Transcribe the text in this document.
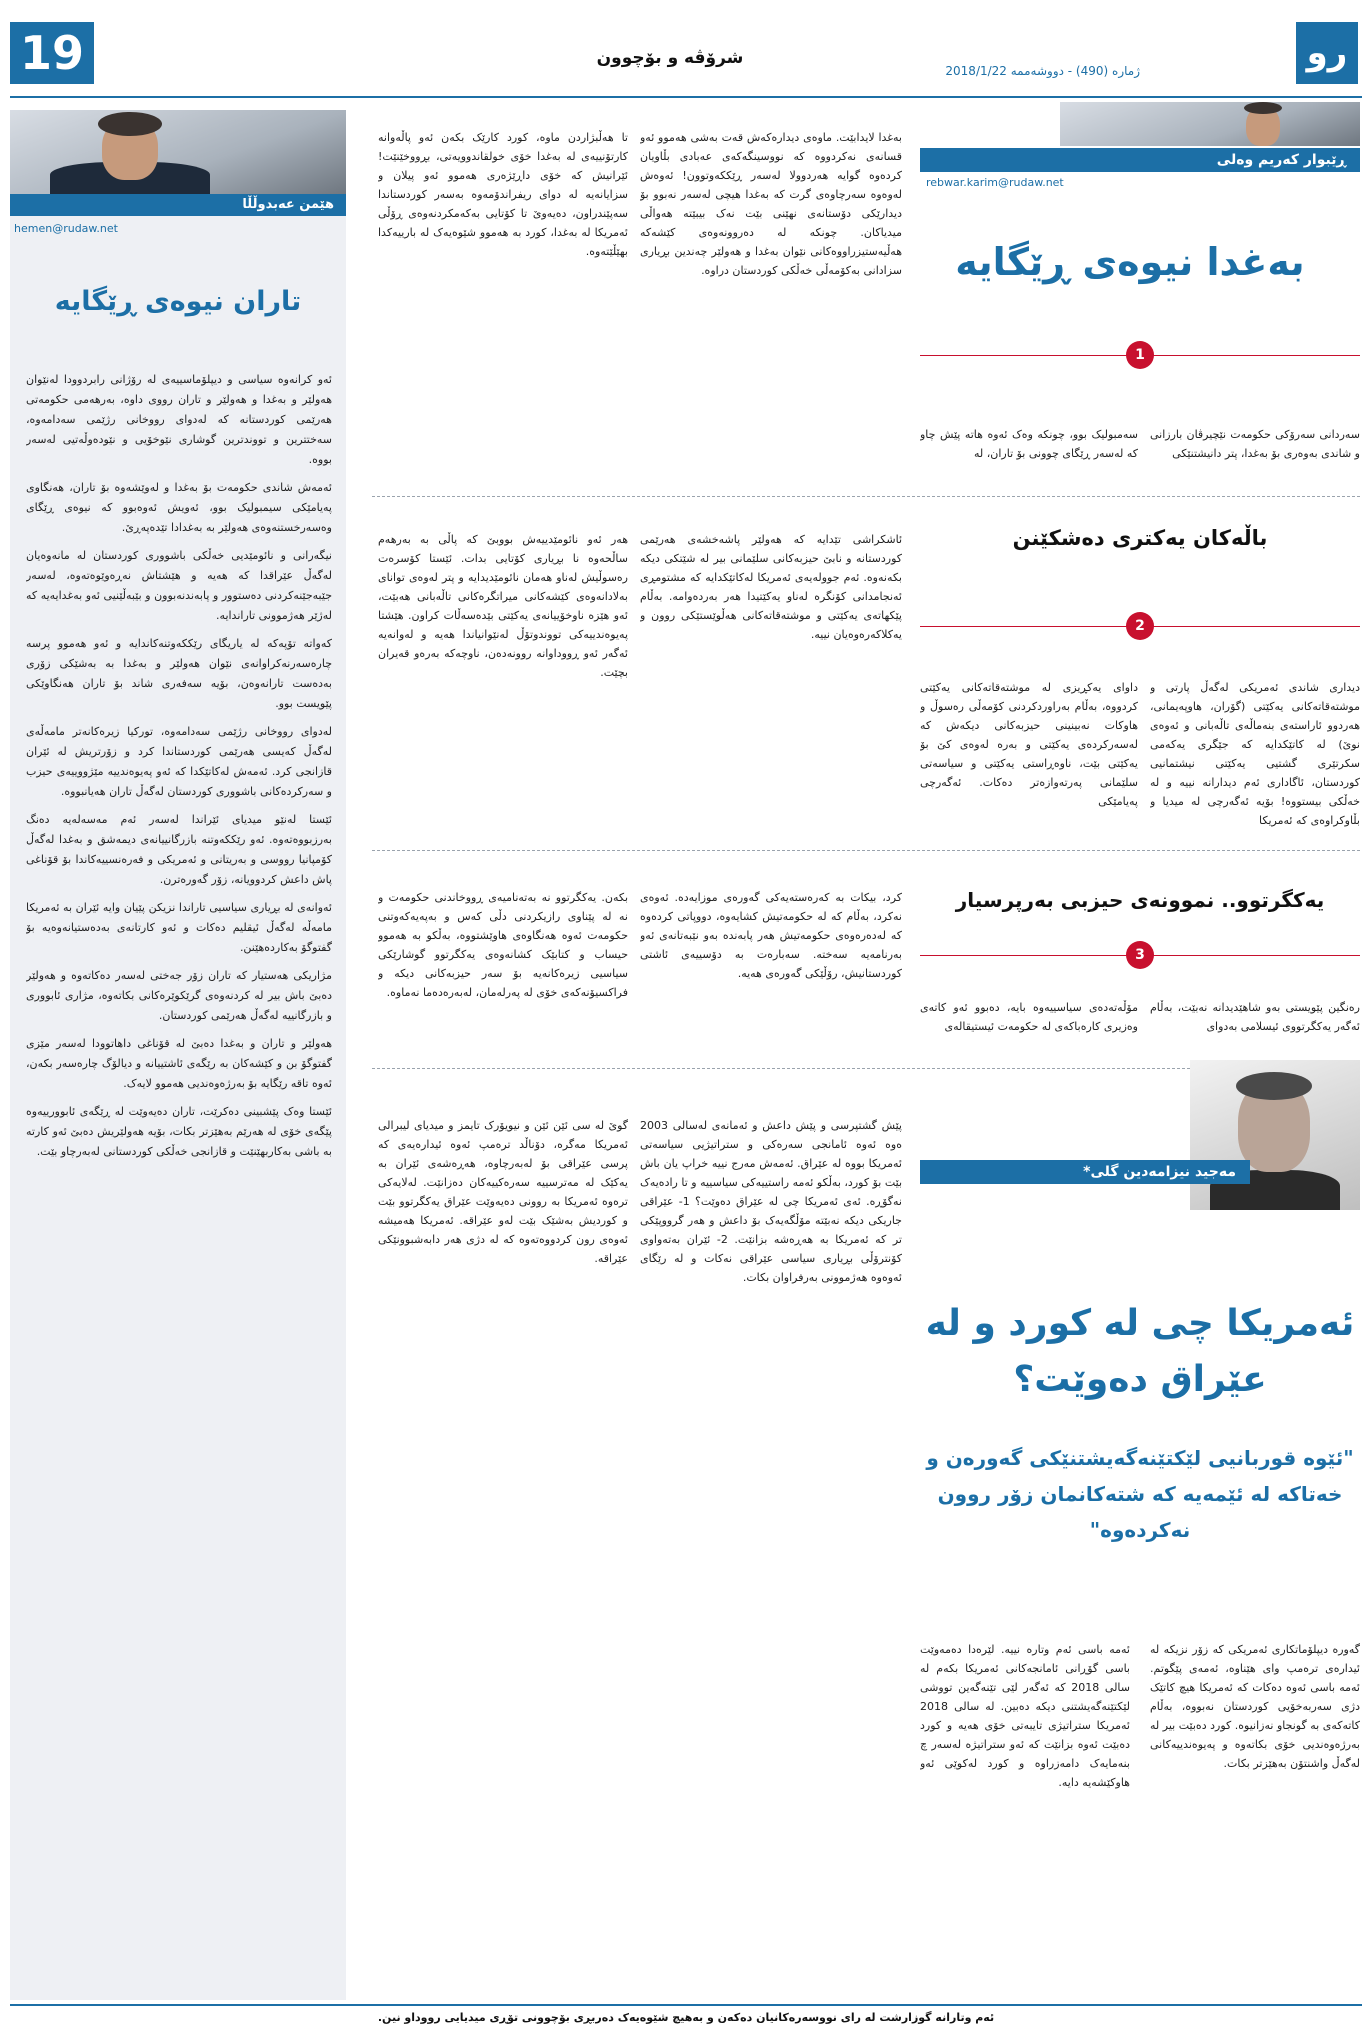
19	شرۆڤە و بۆچوون
ژمارە (490) - دووشەممە 2018/1/22	رو
هێمن عەبدوڵڵا
hemen@rudaw.net
تاران نیوەی ڕێگایە

ئەو کرانەوە سیاسی و دیپلۆماسییەی لە رۆژانی رابردوودا لەنێوان هەولێر و بەغدا و هەولێر و تاران رووی داوە، بەرهەمی حکومەتی هەرێمی کوردستانە کە لەدوای رووخانی رژێمی سەدامەوە، سەختترین و تووندترین گوشاری نێوخۆیی و نێودەوڵەتیی لەسەر بووە.

ئەمەش شاندی حکومەت بۆ بەغدا و لەوێشەوە بۆ تاران، هەنگاوی پەیامێکی سیمبولیک بوو، ئەویش ئەوەبوو کە نیوەی ڕێگای وەسەرخستنەوەی هەولێر بە بەغدادا تێدەپەڕێ.

نیگەرانی و نائومێدیی خەڵکی باشووری کوردستان لە مانەوەیان لەگەڵ عێراقدا کە هەیە و هێشتاش نەڕەوێوەتەوە، لەسەر جێبەجێنەکردنی دەستوور و پابەندنەبوون و بێبەڵێنیی ئەو بەغدایەیە کە لەژێر هەژموونی تاراندایە.

کەواتە تۆپەکە لە یاریگای رێککەوتنەکاندایە و ئەو هەموو پرسە چارەسەرنەکراوانەی نێوان هەولێر و بەغدا بە بەشێکی زۆری بەدەست تارانەوەن، بۆیە سەفەری شاند بۆ تاران هەنگاوێکی پێویست بوو.

لەدوای رووخانی رژێمی سەدامەوە، تورکیا زیرەکانەتر مامەڵەی لەگەڵ کەیسی هەرێمی کوردستاندا کرد و زۆرتریش لە ئێران قازانجی کرد. ئەمەش لەکاتێکدا کە ئەو پەیوەندییە مێژووییەی حیزب و سەرکردەکانی باشووری کوردستان لەگەڵ تاران هەیانبووە.

ئێستا لەنێو میدیای ئێراندا لەسەر ئەم مەسەلەیە دەنگ بەرزبووەتەوە. ئەو رێککەوتنە بازرگانییانەی دیمەشق و بەغدا لەگەڵ کۆمپانیا رووسی و بەریتانی و ئەمریکی و فەرەنسییەکاندا بۆ قۆناغی پاش داعش کردوویانە، زۆر گەورەترن.

ئەوانەی لە بڕیاری سیاسیی تاراندا نزیکن پێیان وایە ئێران بە ئەمریکا مامەڵە لەگەڵ ئیقلیم دەکات و ئەو کارتانەی بەدەستیانەوەیە بۆ گفتوگۆ بەکاردەهێنن.

مژاریکی هەستیار کە تاران زۆر جەختی لەسەر دەکاتەوە و هەولێر دەبێ باش بیر لە کردنەوەی گرێکوێرەکانی بکاتەوە، مژاری ئابووری و بازرگانییە لەگەڵ هەرێمی کوردستان.

هەولێر و تاران و بەغدا دەبێ لە قۆناغی داهاتوودا لەسەر مێزی گفتوگۆ بن و کێشەکان بە رێگەی ئاشتییانە و دیالۆگ چارەسەر بکەن، ئەوە تاقە رێگایە بۆ بەرژەوەندیی هەموو لایەک.

ئێستا وەک پێشبینی دەکرێت، تاران دەیەوێت لە ڕێگەی ئابوورییەوە پێگەی خۆی لە هەرێم بەهێزتر بکات، بۆیە هەولێریش دەبێ ئەو کارتە بە باشی بەکاربهێنێت و قازانجی خەڵکی کوردستانی لەبەرچاو بێت.

ڕێبوار کەریم وەلی
rebwar.karim@rudaw.net
بەغدا نیوەی ڕێگایە
1
سەردانی سەرۆکی حکومەت نێچیرڤان بارزانی و شاندی بەوەری بۆ بەغدا، پتر دانیشتنێکی
سەمبولیک بوو، چونکە وەک ئەوە هاتە پێش چاو کە لەسەر ڕێگای چوونی بۆ تاران، لە
بەغدا لایدابێت. ماوەی دیدارەکەش قەت بەشی هەموو ئەو قسانەی نەکردووە کە نووسینگەکەی عەبادی بڵاویان کردەوە گوایە هەردوولا لەسەر ڕێککەوتوون! ئەوەش لەوەوە سەرچاوەی گرت کە بەغدا هیچی لەسەر نەبوو بۆ دیدارێکی دۆستانەی نهێنی بێت نەک بیبێتە هەواڵی میدیاکان. چونکە لە دەروونەوەی کێشەکە هەڵیەستیزراووەکانی نێوان بەغدا و هەولێر چەندین بڕیاری سزادانی بەکۆمەڵی خەڵکی کوردستان دراوە.
تا هەڵبژاردن ماوە، کورد کارێک بکەن ئەو پاڵەوانە کارتۆنییەی لە بەغدا خۆی خولقاندوویەتی، بڕووخێنێت! ئێرانیش کە خۆی داڕێژەری هەموو ئەو پیلان و سزایانەیە لە دوای ریفراندۆمەوە بەسەر کوردستاندا سەپێندراون، دەیەوێ تا کۆتایی بەکەمکردنەوەی ڕۆڵی ئەمریکا لە بەغدا، کورد بە هەموو شێوەیەک لە بارییەکدا بهێڵێتەوە.
باڵەکان یەکتری دەشکێنن
2
دیداری شاندی ئەمریکی لەگەڵ پارتی و موشتەقاتەکانی یەکێتی (گۆران، هاوپەیمانی، هەردوو ئاراستەی بنەماڵەی تاڵەبانی و ئەوەی نوێ) لە کاتێکدایە کە جێگری یەکەمی سکرتێری گشتیی یەکێتی نیشتمانیی کوردستان، ئاگاداری ئەم دیدارانە نییە و لە خەڵکی بیستووە! بۆیە ئەگەرچی لە میدیا و بڵاوکراوەی کە ئەمریکا
داوای یەکڕیزی لە موشتەقاتەکانی یەکێتی کردووە، بەڵام بەراوردکردنی کۆمەڵی رەسوڵ و هاوکات نەبینینی حیزبەکانی دیکەش کە لەسەرکردەی یەکێتی و بەرە لەوەی کێ بۆ یەکێتی بێت، ناوەڕاستی یەکێتی و سیاسەتی سلێمانی پەرتەوازەتر دەکات. ئەگەرچی پەیامێکی
ئاشکراشی تێدایە کە هەولێر پاشەخشەی هەرێمی کوردستانە و نابێ حیزبەکانی سلێمانی بیر لە شێتکی دیکە بکەنەوە. ئەم جوولەیەی ئەمریکا لەکاتێکدایە کە مشتومڕی ئەنجامدانی کۆنگرە لەناو یەکێتیدا هەر بەردەوامە. بەڵام پێکهاتەی یەکێتی و موشتەقاتەکانی هەڵوێستێکی روون و یەکلاکەرەوەیان نییە.
هەر ئەو نائومێدییەش بووبێ کە پاڵی بە بەرهەم ساڵحەوە نا بڕیاری کۆتایی بدات. ئێستا کۆسرەت رەسوڵیش لەناو هەمان نائومێدیدایە و پتر لەوەی توانای بەلادانەوەی کێشەکانی میراتگرەکانی تاڵەبانی هەبێت، ئەو هێزە ناوخۆییانەی یەکێتی بێدەسەڵات کراون. هێشتا پەیوەندییەکی تووندوتۆڵ لەنێوانیاندا هەیە و لەوانەیە ئەگەر ئەو ڕووداوانە روونەدەن، ناوچەکە بەرەو قەیران بچێت.
یەکگرتوو.. نموونەی حیزبی بەرپرسیار
3
رەنگین پێویستی بەو شاهێدیدانە نەبێت، بەڵام ئەگەر یەکگرتووی ئیسلامی بەدوای
مۆڵەتەدەی سیاسییەوە بایە، دەبوو ئەو کاتەی وەزیری کارەباکەی لە حکومەت ئیستیقالەی
کرد، بیکات بە کەرەستەیەکی گەورەی موزایەدە. ئەوەی نەکرد، بەڵام کە لە حکومەتیش کشایەوە، دووپاتی کردەوە کە لەدەرەوەی حکومەتیش هەر پابەندە بەو نێبەتانەی ئەو بەرنامەیە سەختە. سەبارەت بە دۆسییەی ئاشتی کوردستانیش، رۆڵێکی گەورەی هەیە.
بکەن. یەکگرتوو نە بەتەنامیەی ڕووخاندنی حکومەت و نە لە پێناوی رازیکردنی دڵی کەس و بەپەیەکەوتنی حکومەت ئەوە هەنگاوەی هاوێشتووە، بەڵکو بە هەموو حیساب و کتابێک کشانەوەی یەکگرتوو گوشارێکی سیاسیی زیرەکانەیە بۆ سەر حیزبەکانی دیکە و فراکسیۆنەکەی خۆی لە پەرلەمان، لەبەرەدەما نەماوە.
مەجید نیزامەدین گلی*
ئەمریکا چی لە کورد و لە عێراق دەوێت؟
"ئێوە قوربانیی لێکتێنەگەیشتنێکی گەورەن و خەتاکە لە ئێمەیە کە شتەکانمان زۆر روون نەکردەوە"
پێش گشتپرسی و پێش داعش و ئەمانەی لەسالی 2003 ەوە ئەوە ئامانجی سەرەکی و ستراتیژیی سیاسەتی ئەمریکا بووە لە عێراق. ئەمەش مەرج نییە خراپ یان باش بێت بۆ کورد، بەڵکو ئەمە راستییەکی سیاسییە و تا رادەیەک نەگۆڕە. ئەی ئەمریکا چی لە عێراق دەوێت؟ 1- عێراقی جاریکی دیکە نەبێتە مۆڵگەیەک بۆ داعش و هەر گرووپێکی تر کە ئەمریکا بە هەڕەشە بزانێت. 2- ئێران بەتەواوی کۆنترۆڵی بڕیاری سیاسی عێراقی نەکات و لە رێگای ئەوەوە هەژموونی بەرفراوان بکات.
گوێ لە سی ئێن ئێن و نیویۆرک تایمز و میدیای لیبرالی ئەمریکا مەگرە، دۆناڵد ترەمپ ئەوە ئیدارەیەی کە پرسی عێراقی بۆ لەبەرچاوە، هەڕەشەی ئێران بە یەکێک لە مەترسییە سەرەکییەکان دەزانێت. لەلایەکی ترەوە ئەمریکا بە روونی دەیەوێت عێراق یەکگرتوو بێت و کوردیش بەشێک بێت لەو عێراقە. ئەمریکا هەمیشە ئەوەی رون کردووەتەوە کە لە دژی هەر دابەشبوونێکی عێراقە.
ئەمە باسی ئەم وتارە نییە. لێرەدا دەمەوێت باسی گۆڕانی ئامانجەکانی ئەمریکا بکەم لە سالی 2018 کە ئەگەر لێی تێنەگەین تووشی لێکتێنەگەیشتنی دیکە دەبین. لە سالی 2018 ئەمریکا ستراتیژی تایبەتی خۆی هەیە و کورد دەبێت ئەوە بزانێت کە ئەو ستراتیژە لەسەر چ بنەمایەک دامەزراوە و کورد لەکوێی ئەو هاوکێشەیە دایە.
گەورە دیپلۆماتکاری ئەمریکی کە زۆر نزیکە لە ئیدارەی ترەمپ وای هێناوە، ئەمەی پێگوتم. ئەمە باسی ئەوە دەکات کە ئەمریکا هیچ کاتێک دژی سەربەخۆیی کوردستان نەبووە، بەڵام کاتەکەی بە گونجاو نەزانیوە. کورد دەبێت بیر لە بەرژەوەندیی خۆی بکاتەوە و پەیوەندییەکانی لەگەڵ واشنتۆن بەهێزتر بکات.
ئەم وتارانە گوزارشت لە رای نووسەرەکانیان دەکەن و بەهیچ شێوەیەک دەربڕی بۆچوونی تۆڕی میدیایی رووداو نین.
